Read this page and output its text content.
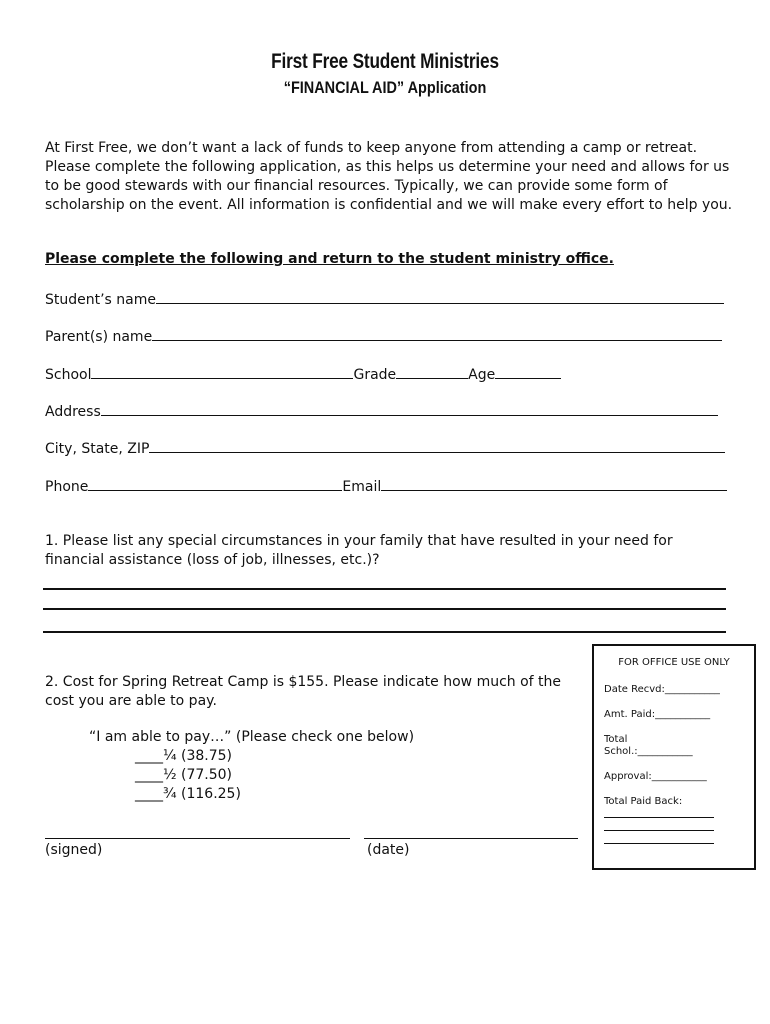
First Free Student Ministries
“FINANCIAL AID” Application
At First Free, we don’t want a lack of funds to keep anyone from attending a camp or retreat. Please complete the following application, as this helps us determine your need and allows for us to be good stewards with our financial resources. Typically, we can provide some form of scholarship on the event. All information is confidential and we will make every effort to help you.
Please complete the following and return to the student ministry office.
Student’s name
Parent(s) name
School	Grade	Age
Address
City, State, ZIP
Phone	Email
1. Please list any special circumstances in your family that have resulted in your need for financial assistance (loss of job, illnesses, etc.)?
2. Cost for Spring Retreat Camp is $155. Please indicate how much of the cost you are able to pay.
“I am able to pay…” (Please check one below)
____¼ (38.75)
____½ (77.50)
____¾ (116.25)
(signed)	(date)
FOR OFFICE USE ONLY
Date Recvd:___________
Amt. Paid:___________
Total
Schol.:___________
Approval:___________
Total Paid Back:
